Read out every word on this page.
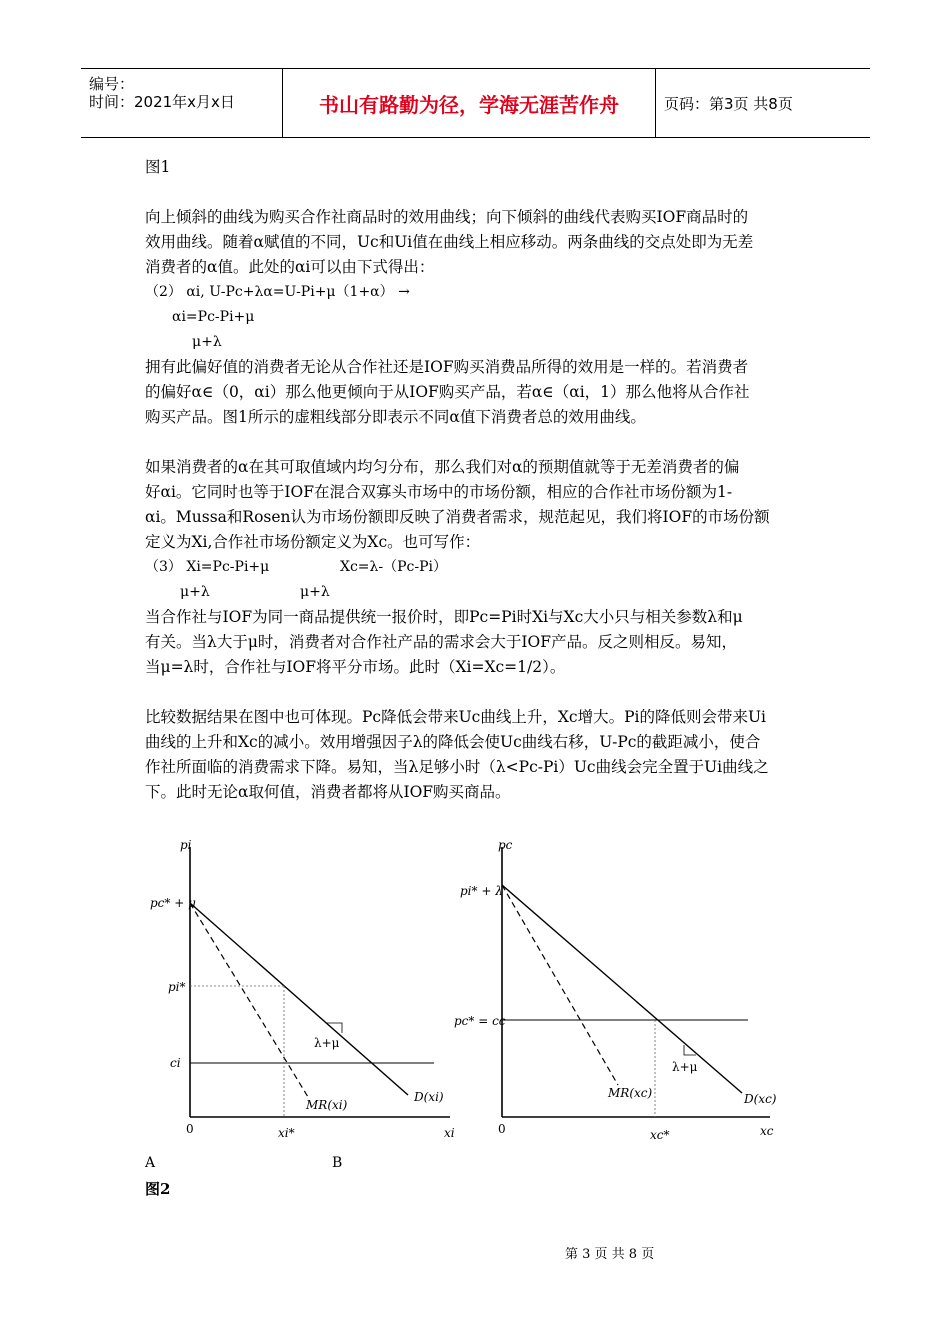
编号：
时间：2021年x月x日	书山有路勤为径，学海无涯苦作舟	页码：第3页 共8页
图1
向上倾斜的曲线为购买合作社商品时的效用曲线；向下倾斜的曲线代表购买IOF商品时的
效用曲线。随着α赋值的不同，Uc和Ui值在曲线上相应移动。两条曲线的交点处即为无差
消费者的α值。此处的αi可以由下式得出：
（2） αi, U-Pc+λα=U-Pi+μ（1+α） →
αi=Pc-Pi+μ
μ+λ
拥有此偏好值的消费者无论从合作社还是IOF购买消费品所得的效用是一样的。若消费者
的偏好α∈（0，αi）那么他更倾向于从IOF购买产品，若α∈（αi，1）那么他将从合作社
购买产品。图1所示的虚粗线部分即表示不同α值下消费者总的效用曲线。
如果消费者的α在其可取值域内均匀分布，那么我们对α的预期值就等于无差消费者的偏
好αi。它同时也等于IOF在混合双寡头市场中的市场份额，相应的合作社市场份额为1-
αi。Mussa和Rosen认为市场份额即反映了消费者需求，规范起见，我们将IOF的市场份额
定义为Xi,合作社市场份额定义为Xc。也可写作：
（3） Xi=Pc-Pi+μ	Xc=λ-（Pc-Pi）
μ+λ	μ+λ
当合作社与IOF为同一商品提供统一报价时，即Pc=Pi时Xi与Xc大小只与相关参数λ和μ
有关。当λ大于μ时，消费者对合作社产品的需求会大于IOF产品。反之则相反。易知，
当μ=λ时，合作社与IOF将平分市场。此时（Xi=Xc=1/2）。
比较数据结果在图中也可体现。Pc降低会带来Uc曲线上升，Xc增大。Pi的降低则会带来Ui
曲线的上升和Xc的减小。效用增强因子λ的降低会使Uc曲线右移，U-Pc的截距减小，使合
作社所面临的消费需求下降。易知，当λ足够小时（λ<Pc-Pi）Uc曲线会完全置于Ui曲线之
下。此时无论α取何值，消费者都将从IOF购买商品。
pi
xi
0
pc* + μ
pi*
ci
λ+μ
MR(xi)
D(xi)
xi*
pc
xc
0
pi* + λ
pc* = cc
λ+μ
MR(xc)	D(xc)
xc*
A	B
图2
第 3 页 共 8 页
